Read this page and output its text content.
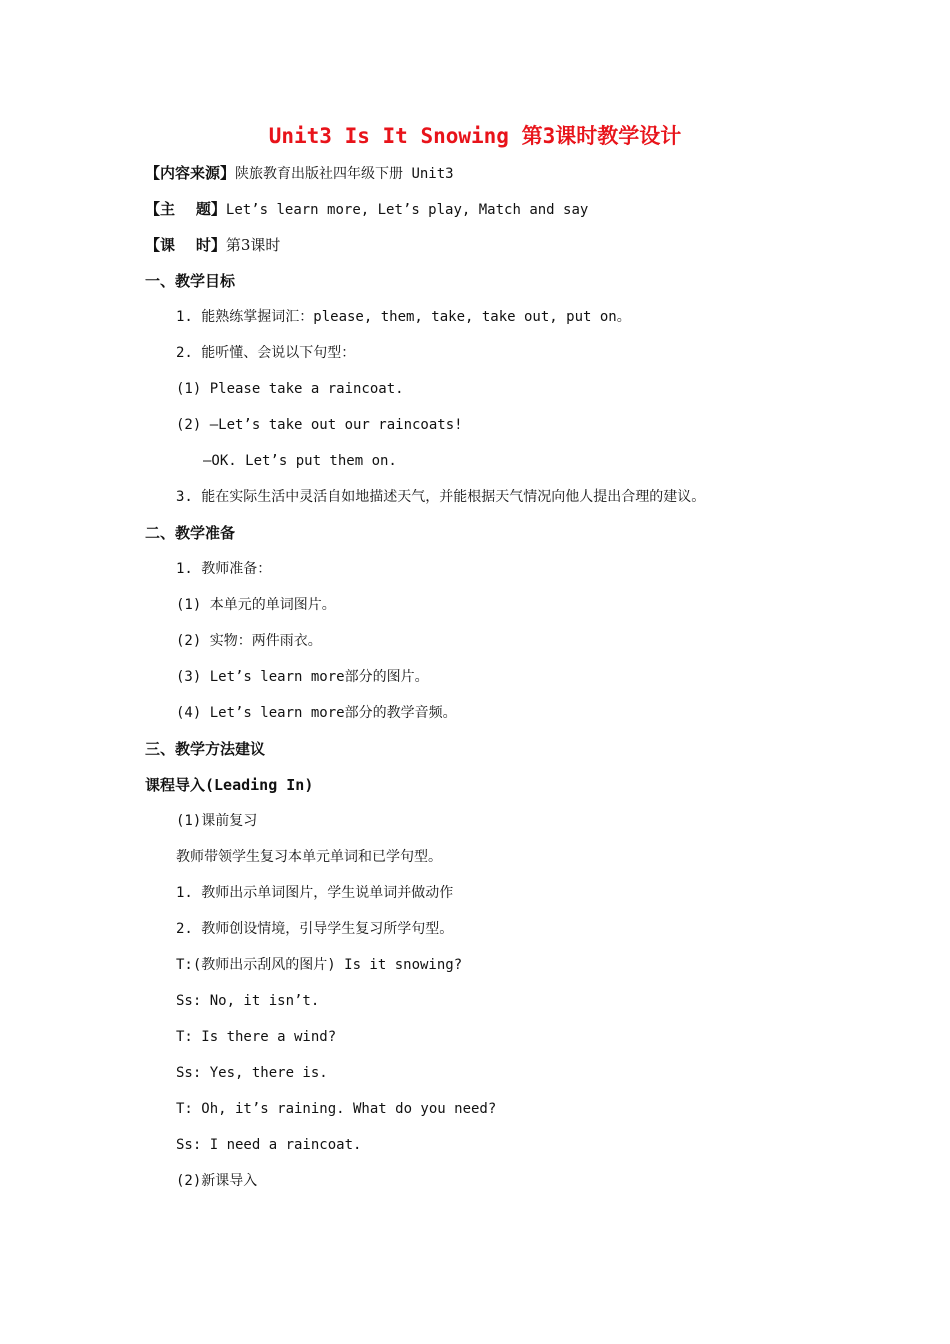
Unit3 Is It Snowing 第3课时教学设计
【内容来源】陕旅教育出版社四年级下册 Unit3
【主    题】Let’s learn more, Let’s play, Match and say
【课    时】第3课时
一、教学目标
1. 能熟练掌握词汇：please, them, take, take out, put on。
2. 能听懂、会说以下句型：
(1) Please take a raincoat.
(2) —Let’s take out our raincoats!
—OK. Let’s put them on.
3. 能在实际生活中灵活自如地描述天气，并能根据天气情况向他人提出合理的建议。
二、教学准备
1. 教师准备：
(1) 本单元的单词图片。
(2) 实物：两件雨衣。
(3) Let’s learn more部分的图片。
(4) Let’s learn more部分的教学音频。
三、教学方法建议
课程导入(Leading In)
(1)课前复习
教师带领学生复习本单元单词和已学句型。
1. 教师出示单词图片，学生说单词并做动作
2. 教师创设情境，引导学生复习所学句型。
T:(教师出示刮风的图片) Is it snowing?
Ss: No, it isn’t.
T: Is there a wind?
Ss: Yes, there is.
T: Oh, it’s raining. What do you need?
Ss: I need a raincoat.
(2)新课导入
